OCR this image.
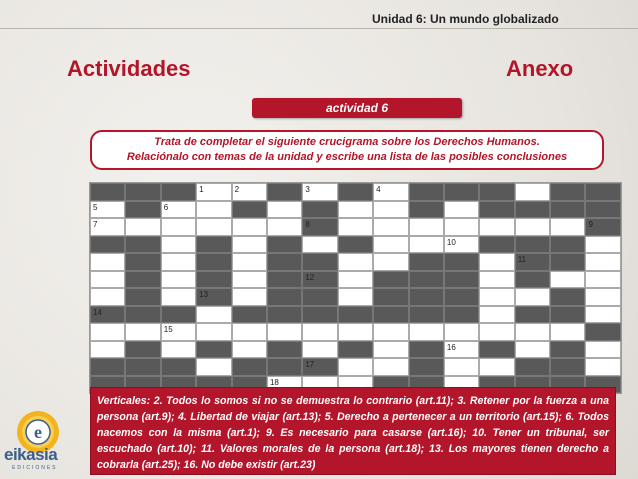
Unidad 6: Un mundo globalizado
Actividades	Anexo
actividad 6
Trata de completar el siguiente crucigrama sobre los Derechos Humanos.
Relaciónalo con temas de la unidad y escribe una lista de las posibles conclusiones
1	2	3	4
5	6
7	8	9
10
11
12
13
14
15
16
17
18
Verticales: 2. Todos lo somos si no se demuestra lo contrario (art.11); 3. Retener por la fuerza a una persona (art.9); 4. Libertad de viajar (art.13); 5. Derecho a pertenecer a un territorio (art.15); 6. Todos nacemos con la misma (art.1); 9. Es necesario para casarse (art.16); 10. Tener un tribunal, ser escuchado (art.10); 11. Valores morales de la persona (art.18); 13. Los mayores tienen derecho a cobrarla (art.25); 16. No debe existir (art.23)
e
eikasia
EDICIONES
